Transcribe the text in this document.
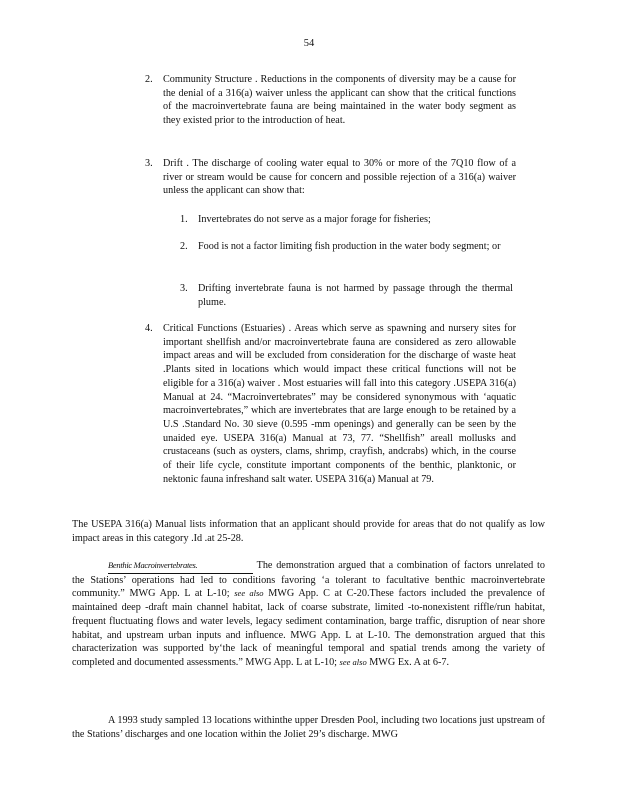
54
2. Community Structure . Reductions in the components of diversity may be a cause for the denial of a 316(a) waiver unless the applicant can show that the critical functions of the macroinvertebrate fauna are being maintained in the water body segment as they existed prior to the introduction of heat.
3. Drift . The discharge of cooling water equal to 30% or more of the 7Q10 flow of a river or stream would be cause for concern and possible rejection of a 316(a) waiver unless the applicant can show that:
1. Invertebrates do not serve as a major forage for fisheries;
2. Food is not a factor limiting fish production in the water body segment; or
3. Drifting invertebrate fauna is not harmed by passage through the thermal plume.
4. Critical Functions (Estuaries) . Areas which serve as spawning and nursery sites for important shellfish and/or macroinvertebrate fauna are considered as zero allowable impact areas and will be excluded from consideration for the discharge of waste heat .Plants sited in locations which would impact these critical functions will not be eligible for a 316(a) waiver . Most estuaries will fall into this category .USEPA 316(a) Manual at 24. “Macroinvertebrates” may be considered synonymous with ‘aquatic macroinvertebrates,” which are invertebrates that are large enough to be retained by a U.S .Standard No. 30 sieve (0.595 -mm openings) and generally can be seen by the unaided eye. USEPA 316(a) Manual at 73, 77. “Shellfish” areall mollusks and crustaceans (such as oysters, clams, shrimp, crayfish, andcrabs) which, in the course of their life cycle, constitute important components of the benthic, planktonic, or nektonic fauna infreshand salt water. USEPA 316(a) Manual at 79.
The USEPA 316(a) Manual lists information that an applicant should provide for areas that do not qualify as low impact areas in this category .Id .at 25-28.
Benthic Macroinvertebrates.	The demonstration argued that a combination of factors unrelated to the Stations’ operations had led to conditions favoring ‘a tolerant to facultative benthic macroinvertebrate community.” MWG App. L at L-10; see also MWG App. C at C-20.These factors included the prevalence of maintained deep -draft main channel habitat, lack of coarse substrate, limited -to-nonexistent riffle/run habitat, frequent fluctuating flows and water levels, legacy sediment contamination, barge traffic, disruption of near shore habitat, and upstream urban inputs and influence. MWG App. L at L-10. The demonstration argued that this characterization was supported by‘the lack of meaningful temporal and spatial trends among the variety of completed and documented assessments.” MWG App. L at L-10; see also MWG Ex. A at 6-7.
A 1993 study sampled 13 locations withinthe upper Dresden Pool, including two locations just upstream of the Stations’ discharges and one location within the Joliet 29’s discharge. MWG
